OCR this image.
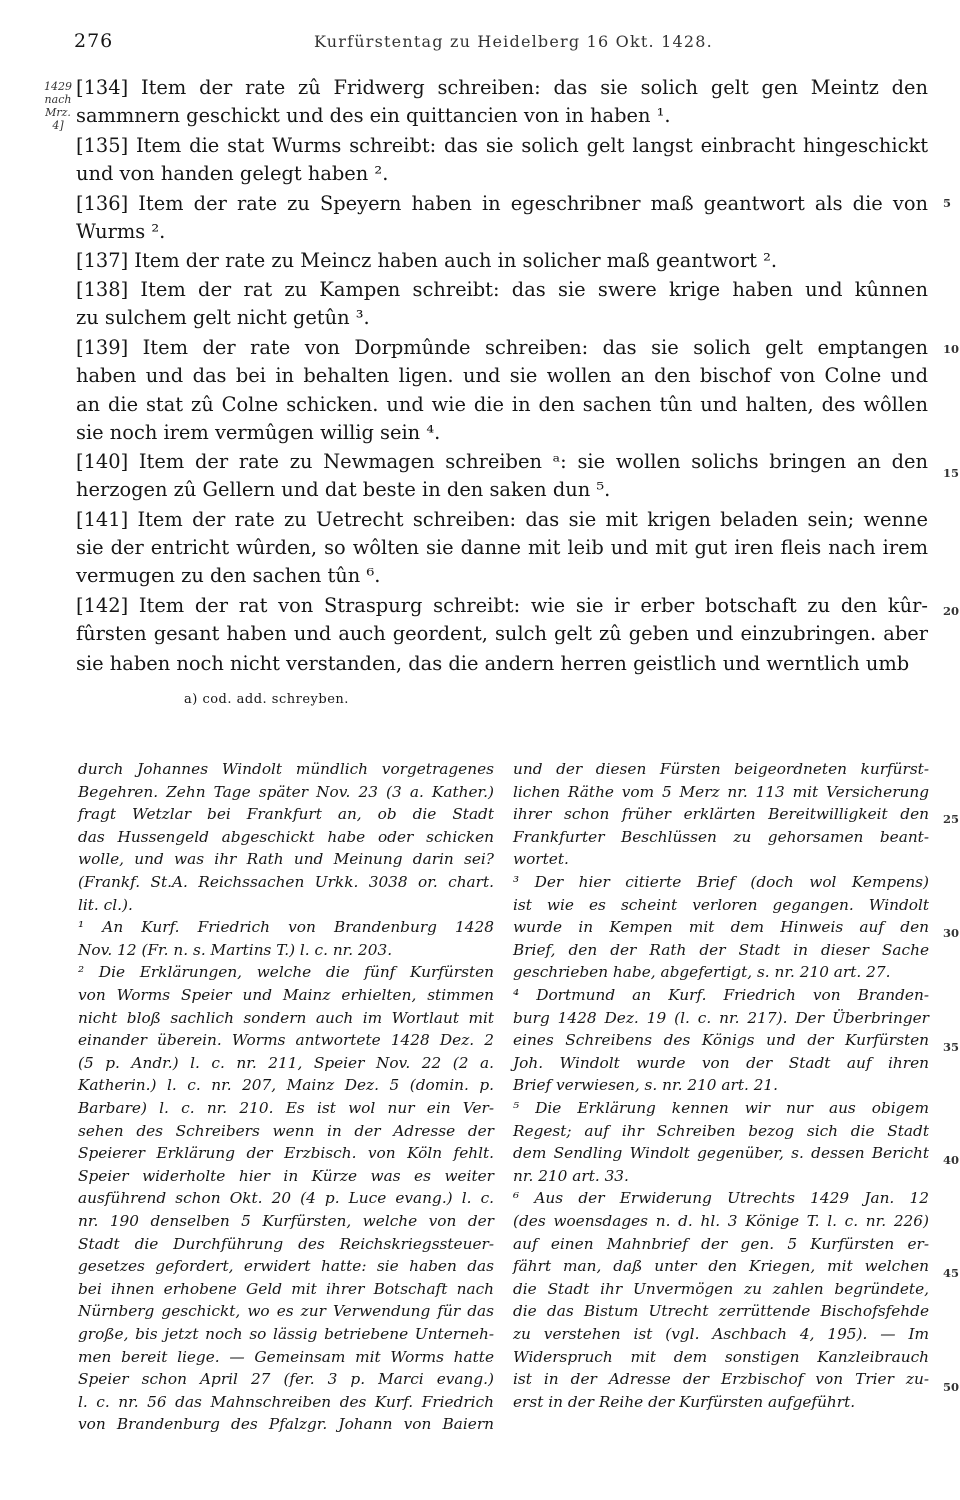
276	Kurfürstentag zu Heidelberg 16 Okt. 1428.
1429
nach
Mrz. 4]
[134] Item der rate zû Fridwerg schreiben: das sie solich gelt gen Meintz den
sammnern geschickt und des ein quittancien von in haben ¹.
[135] Item die stat Wurms schreibt: das sie solich gelt langst einbracht hingeschickt
und von handen gelegt haben ².
[136] Item der rate zu Speyern haben in egeschribner maß geantwort als die von
Wurms ².
[137] Item der rate zu Meincz haben auch in solicher maß geantwort ².
[138] Item der rat zu Kampen schreibt: das sie swere krige haben und kûnnen
zu sulchem gelt nicht getûn ³.
[139] Item der rate von Dorpmûnde schreiben: das sie solich gelt emptangen
haben und das bei in behalten ligen. und sie wollen an den bischof von Colne und
an die stat zû Colne schicken. und wie die in den sachen tûn und halten, des wôllen
sie noch irem vermûgen willig sein ⁴.
[140] Item der rate zu Newmagen schreiben ᵃ: sie wollen solichs bringen an den
herzogen zû Gellern und dat beste in den saken dun ⁵.
[141] Item der rate zu Uetrecht schreiben: das sie mit krigen beladen sein; wenne
sie der entricht wûrden, so wôlten sie danne mit leib und mit gut iren fleis nach irem
vermugen zu den sachen tûn ⁶.
[142] Item der rat von Straspurg schreibt: wie sie ir erber botschaft zu den kûr-
fûrsten gesant haben und auch geordent, sulch gelt zû geben und einzubringen. aber
sie haben noch nicht verstanden, das die andern herren geistlich und werntlich umb
5
10
15
20
25
30
35
40
45
50
a) cod. add. schreyben.
durch Johannes Windolt mündlich vorgetragenes
Begehren. Zehn Tage später Nov. 23 (3 a. Kather.)
fragt Wetzlar bei Frankfurt an, ob die Stadt
das Hussengeld abgeschickt habe oder schicken
wolle, und was ihr Rath und Meinung darin sei?
(Frankf. St.A. Reichssachen Urkk. 3038 or. chart.
lit. cl.).
¹ An Kurf. Friedrich von Brandenburg 1428
Nov. 12 (Fr. n. s. Martins T.) l. c. nr. 203.
² Die Erklärungen, welche die fünf Kurfürsten
von Worms Speier und Mainz erhielten, stimmen
nicht bloß sachlich sondern auch im Wortlaut mit
einander überein. Worms antwortete 1428 Dez. 2
(5 p. Andr.) l. c. nr. 211, Speier Nov. 22 (2 a.
Katherin.) l. c. nr. 207, Mainz Dez. 5 (domin. p.
Barbare) l. c. nr. 210. Es ist wol nur ein Ver-
sehen des Schreibers wenn in der Adresse der
Speierer Erklärung der Erzbisch. von Köln fehlt.
Speier widerholte hier in Kürze was es weiter
ausführend schon Okt. 20 (4 p. Luce evang.) l. c.
nr. 190 denselben 5 Kurfürsten, welche von der
Stadt die Durchführung des Reichskriegssteuer-
gesetzes gefordert, erwidert hatte: sie haben das
bei ihnen erhobene Geld mit ihrer Botschaft nach
Nürnberg geschickt, wo es zur Verwendung für das
große, bis jetzt noch so lässig betriebene Unterneh-
men bereit liege. — Gemeinsam mit Worms hatte
Speier schon April 27 (fer. 3 p. Marci evang.)
l. c. nr. 56 das Mahnschreiben des Kurf. Friedrich
von Brandenburg des Pfalzgr. Johann von Baiern
und der diesen Fürsten beigeordneten kurfürst-
lichen Räthe vom 5 Merz nr. 113 mit Versicherung
ihrer schon früher erklärten Bereitwilligkeit den
Frankfurter Beschlüssen zu gehorsamen beant-
wortet.
³ Der hier citierte Brief (doch wol Kempens)
ist wie es scheint verloren gegangen. Windolt
wurde in Kempen mit dem Hinweis auf den
Brief, den der Rath der Stadt in dieser Sache
geschrieben habe, abgefertigt, s. nr. 210 art. 27.
⁴ Dortmund an Kurf. Friedrich von Branden-
burg 1428 Dez. 19 (l. c. nr. 217). Der Überbringer
eines Schreibens des Königs und der Kurfürsten
Joh. Windolt wurde von der Stadt auf ihren
Brief verwiesen, s. nr. 210 art. 21.
⁵ Die Erklärung kennen wir nur aus obigem
Regest; auf ihr Schreiben bezog sich die Stadt
dem Sendling Windolt gegenüber, s. dessen Bericht
nr. 210 art. 33.
⁶ Aus der Erwiderung Utrechts 1429 Jan. 12
(des woensdages n. d. hl. 3 Könige T. l. c. nr. 226)
auf einen Mahnbrief der gen. 5 Kurfürsten er-
fährt man, daß unter den Kriegen, mit welchen
die Stadt ihr Unvermögen zu zahlen begründete,
die das Bistum Utrecht zerrüttende Bischofsfehde
zu verstehen ist (vgl. Aschbach 4, 195). — Im
Widerspruch mit dem sonstigen Kanzleibrauch
ist in der Adresse der Erzbischof von Trier zu-
erst in der Reihe der Kurfürsten aufgeführt.
